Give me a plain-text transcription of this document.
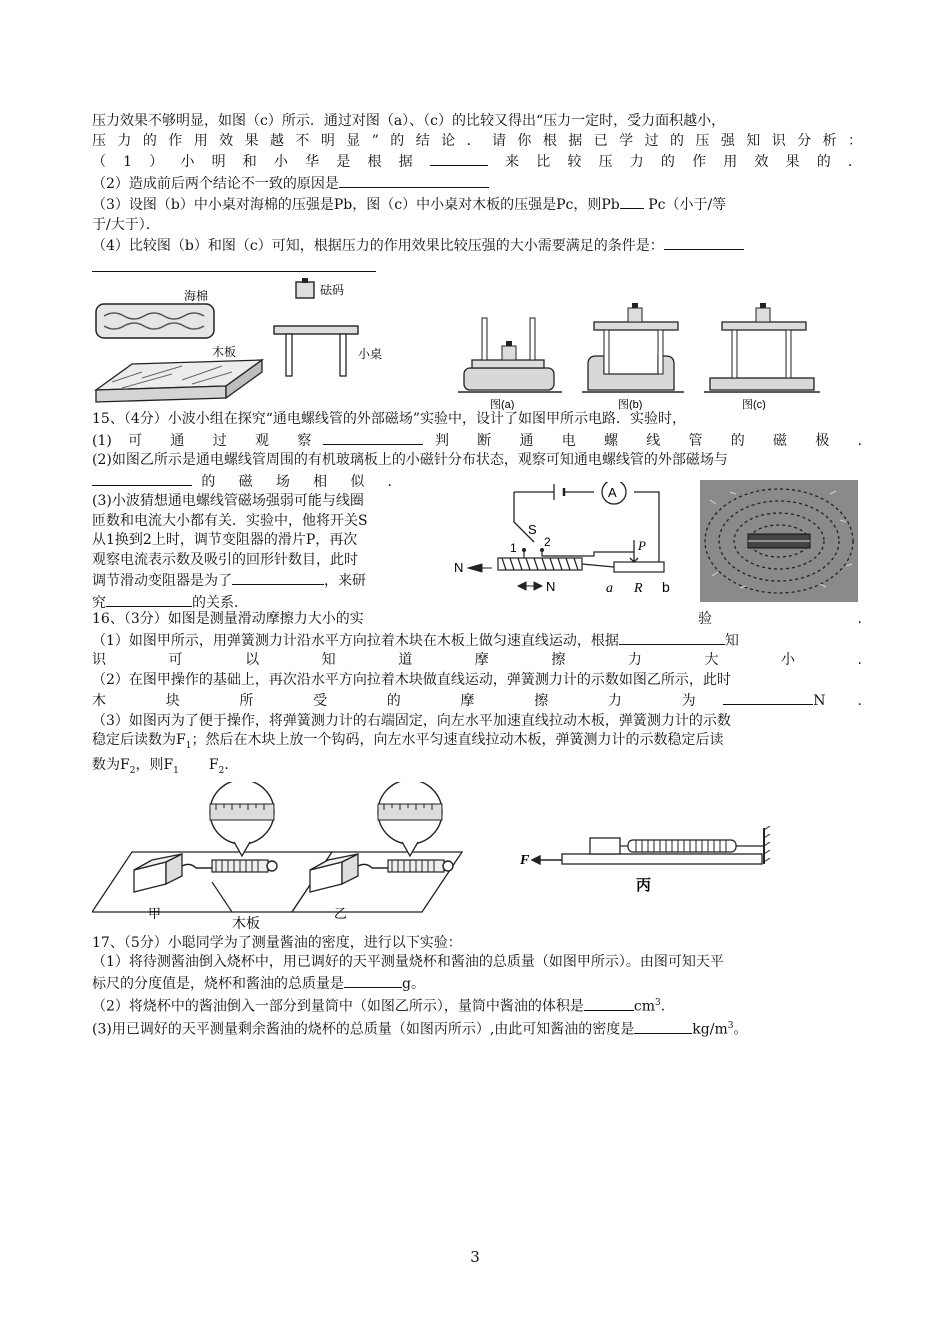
压力效果不够明显，如图（c）所示．通过对图（a）、（c）的比较又得出“压力一定时，受力面积越小，
压力的作用效果越不明显”的结论．请你根据已学过的压强知识分析：
（1）小明和小华是根据	来比较压力的作用效果的．
（2）造成前后两个结论不一致的原因是
（3）设图（b）中小桌对海棉的压强是Pb，图（c）中小桌对木板的压强是Pc，则Pb Pc（小于/等
于/大于）．
（4）比较图（b）和图（c）可知，根据压力的作用效果比较压强的大小需要满足的条件是：
海棉
木板
砝码
小桌
图(a)	图(b)	图(c)
15、（4分）小波小组在探究“通电螺线管的外部磁场”实验中，设计了如图甲所示电路．实验时，
(1) 可 通 过 观 察	判 断 通 电 螺 线 管 的 磁 极 .
(2)如图乙所示是通电螺线管周围的有机玻璃板上的小磁针分布状态，观察可知通电螺线管的外部磁场与
的 磁 场 相 似 .
(3)小波猜想通电螺线管磁场强弱可能与线圈
匝数和电流大小都有关．实验中，他将开关S
从1换到2上时，调节变阻器的滑片P，再次
观察电流表示数及吸引的回形针数目，此时
调节滑动变阻器是为了	，来研
究	的关系．
A
S
1 2
N
N
P
a R b
16、（3分）如图是测量滑动摩擦力大小的实	验 .
（1）如图甲所示，用弹簧测力计沿水平方向拉着木块在木板上做匀速直线运动，根据	知
识 可 以 知 道 摩 擦 力 大 小 .
（2）在图甲操作的基础上，再次沿水平方向拉着木块做直线运动，弹簧测力计的示数如图乙所示，此时
木 块 所 受 的 摩 擦 力 为	N .
（3）如图丙为了便于操作，将弹簧测力计的右端固定，向左水平加速直线拉动木板，弹簧测力计的示数
稳定后读数为$F_1$；然后在木块上放一个钩码，向左水平匀速直线拉动木板，弹簧测力计的示数稳定后读
数为$F_2$，则$F_1$ $F_2$.
甲
木板
乙
F
丙
17、（5分）小聪同学为了测量酱油的密度，进行以下实验：
（1）将待测酱油倒入烧杯中，用已调好的天平测量烧杯和酱油的总质量（如图甲所示）。由图可知天平
标尺的分度值是，烧杯和酱油的总质量是	g。
（2）将烧杯中的酱油倒入一部分到量筒中（如图乙所示），量筒中酱油的体积是	$cm^3$.
(3)用已调好的天平测量剩余酱油的烧杯的总质量（如图丙所示）,由此可知酱油的密度是	$kg/m^3$。
3
